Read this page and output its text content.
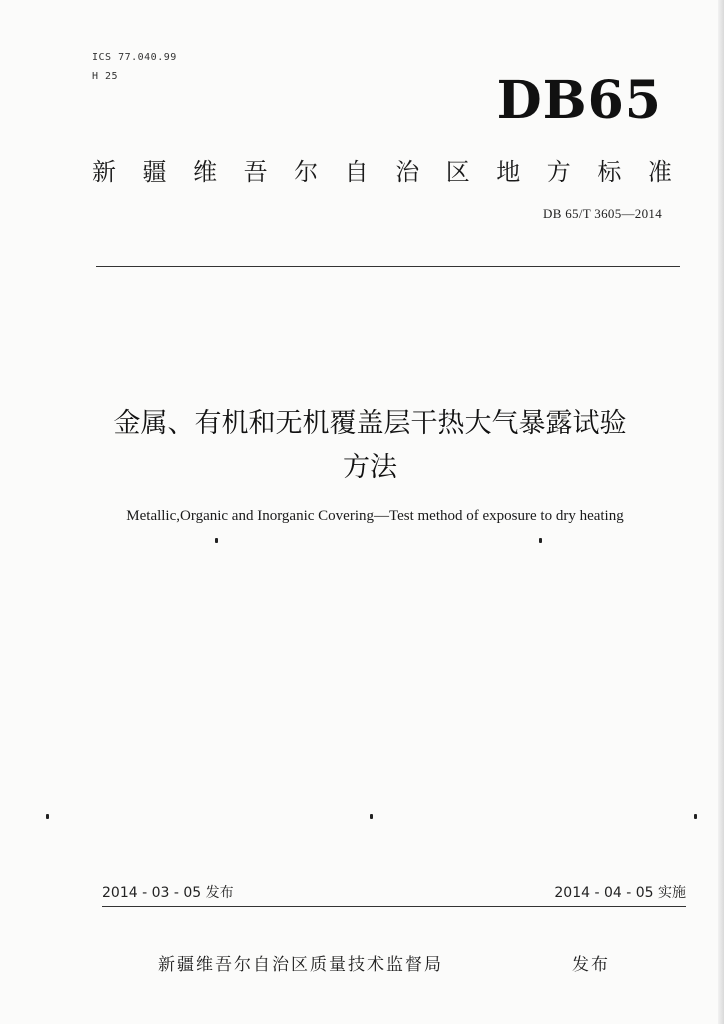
ICS 77.040.99
H 25	DB65
新 疆 维 吾 尔 自 治 区 地 方 标 准
DB 65/T 3605—2014
金属、有机和无机覆盖层干热大气暴露试验
方法
Metallic,Organic and Inorganic Covering—Test method of exposure to dry heating
2014 - 03 - 05 发布	2014 - 04 - 05 实施
新疆维吾尔自治区质量技术监督局	发布
